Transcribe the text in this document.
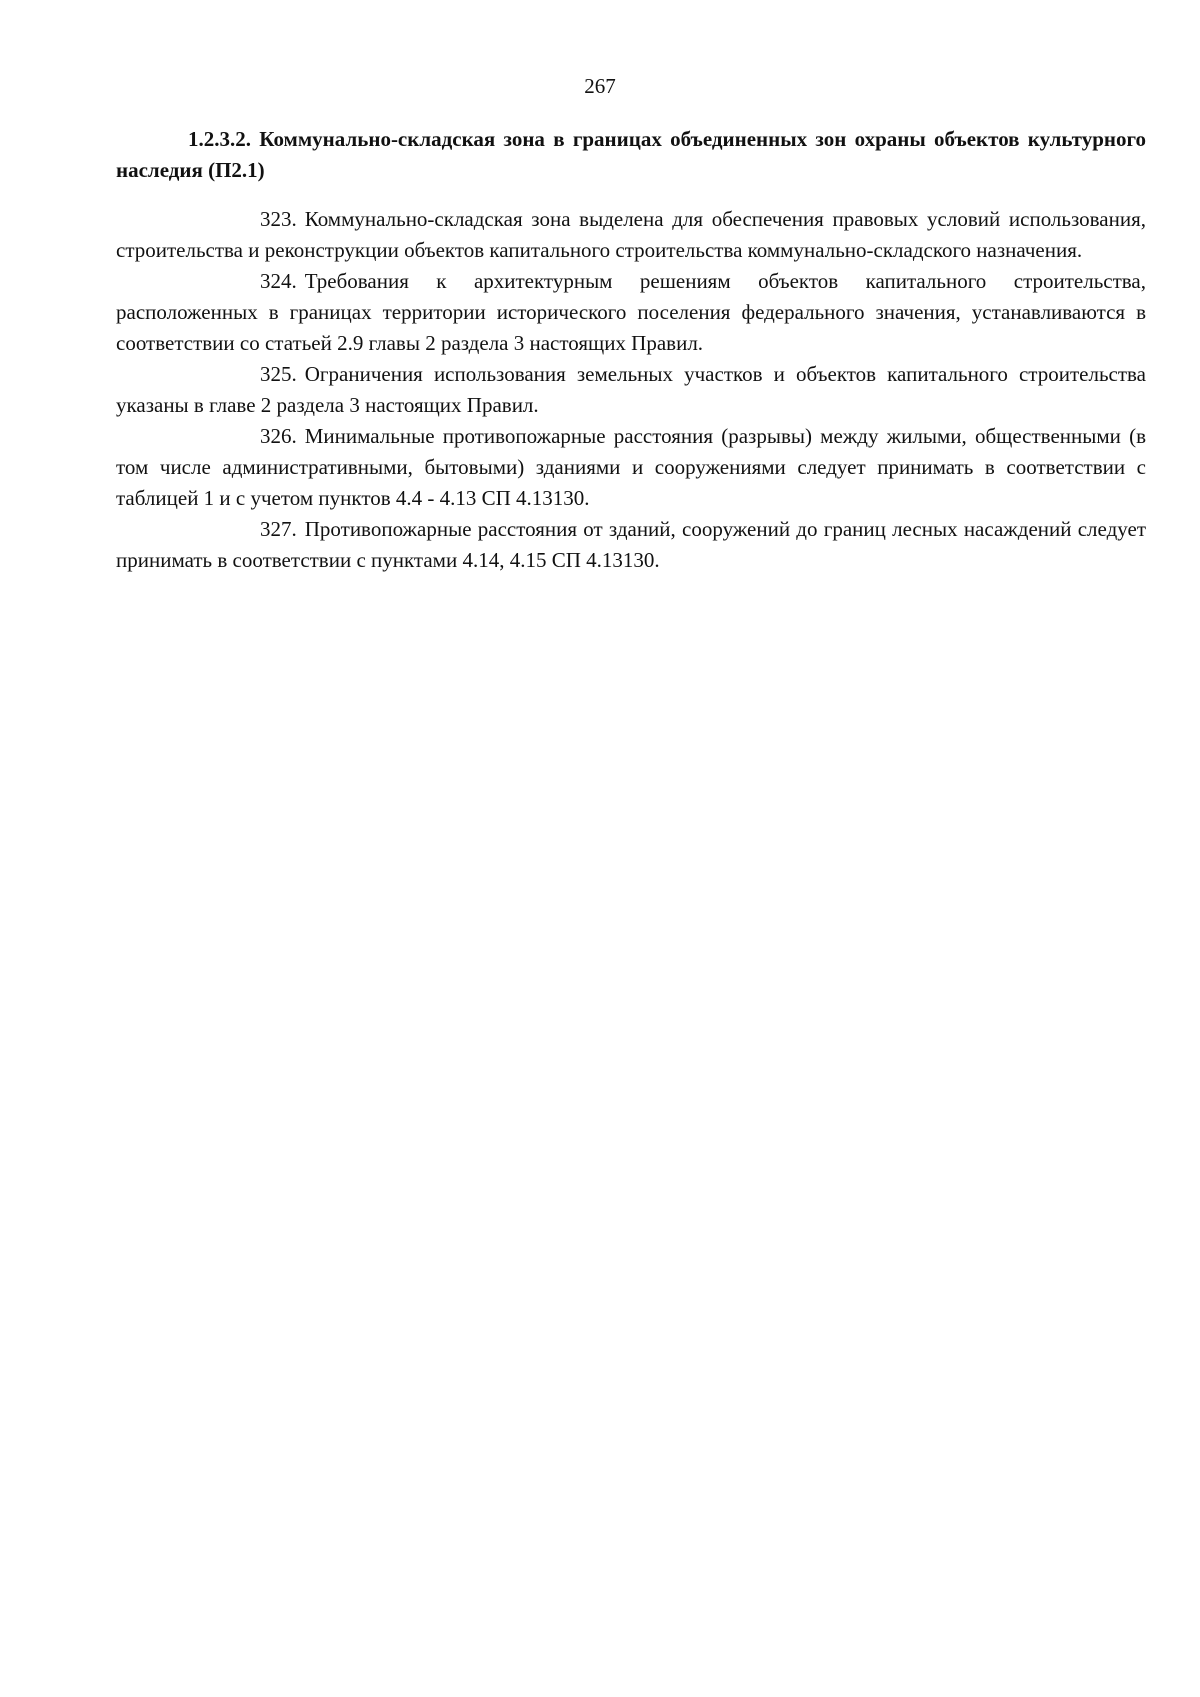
267

1.2.3.2. Коммунально-складская зона в границах объединенных зон охраны объектов культурного наследия (П2.1)

323. Коммунально-складская зона выделена для обеспечения правовых условий использования, строительства и реконструкции объектов капитального строительства коммунально-складского назначения.

324. Требования к архитектурным решениям объектов капитального строительства, расположенных в границах территории исторического поселения федерального значения, устанавливаются в соответствии со статьей 2.9 главы 2 раздела 3 настоящих Правил.

325. Ограничения использования земельных участков и объектов капитального строительства указаны в главе 2 раздела 3 настоящих Правил.

326. Минимальные противопожарные расстояния (разрывы) между жилыми, общественными (в том числе административными, бытовыми) зданиями и сооружениями следует принимать в соответствии с таблицей 1 и с учетом пунктов 4.4 - 4.13 СП 4.13130.

327. Противопожарные расстояния от зданий, сооружений до границ лесных насаждений следует принимать в соответствии с пунктами 4.14, 4.15 СП 4.13130.
